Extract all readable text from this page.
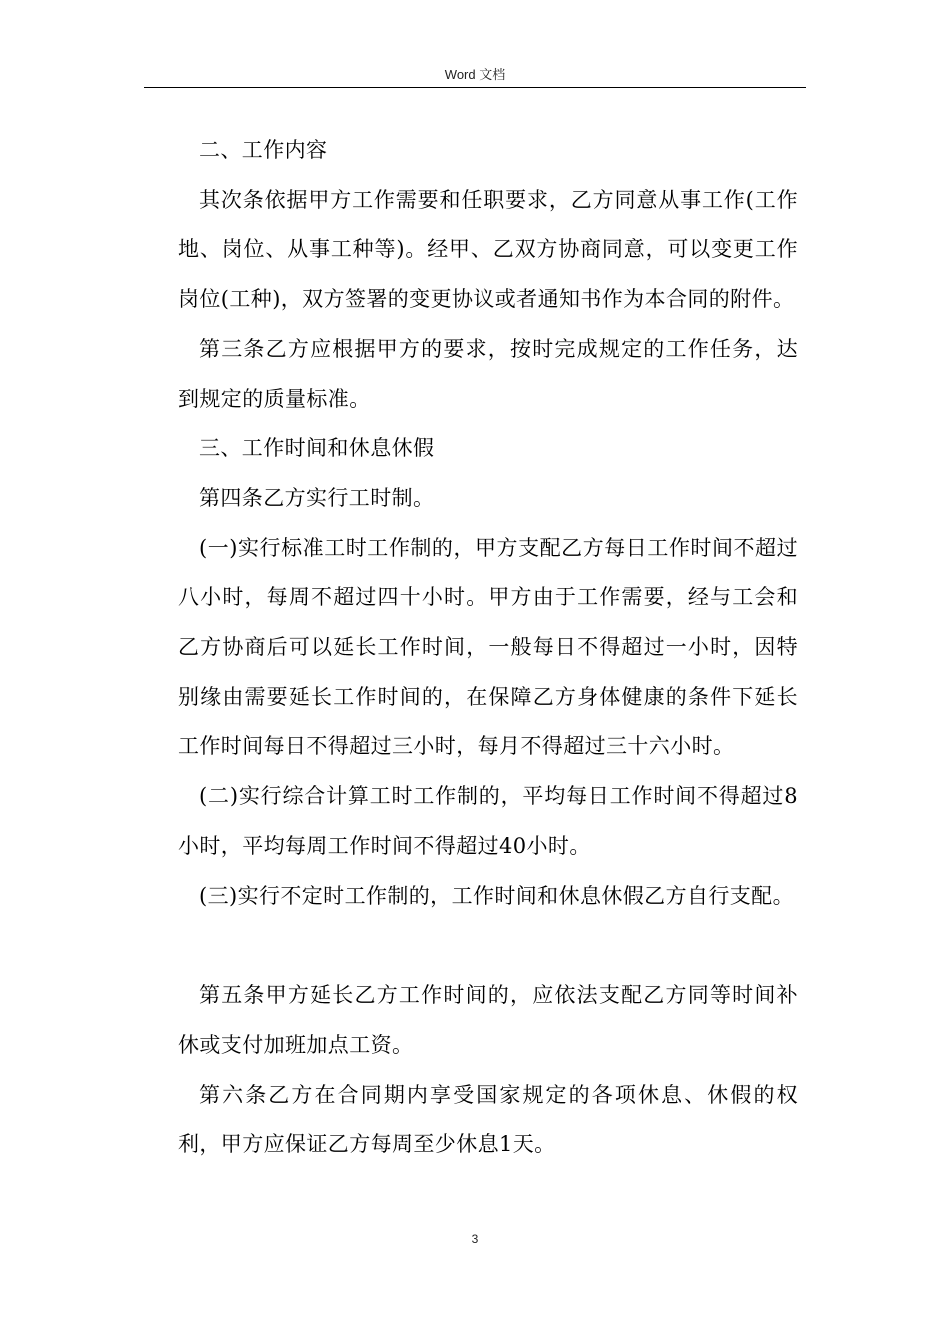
Word 文档

二、工作内容

其次条依据甲方工作需要和任职要求，乙方同意从事工作(工作地、岗位、从事工种等)。经甲、乙双方协商同意，可以变更工作岗位(工种)，双方签署的变更协议或者通知书作为本合同的附件。

第三条乙方应根据甲方的要求，按时完成规定的工作任务，达到规定的质量标准。

三、工作时间和休息休假

第四条乙方实行工时制。

(一)实行标准工时工作制的，甲方支配乙方每日工作时间不超过八小时，每周不超过四十小时。甲方由于工作需要，经与工会和乙方协商后可以延长工作时间，一般每日不得超过一小时，因特别缘由需要延长工作时间的，在保障乙方身体健康的条件下延长工作时间每日不得超过三小时，每月不得超过三十六小时。

(二)实行综合计算工时工作制的，平均每日工作时间不得超过8小时，平均每周工作时间不得超过40小时。

(三)实行不定时工作制的，工作时间和休息休假乙方自行支配。

第五条甲方延长乙方工作时间的，应依法支配乙方同等时间补休或支付加班加点工资。

第六条乙方在合同期内享受国家规定的各项休息、休假的权利，甲方应保证乙方每周至少休息1天。

3
